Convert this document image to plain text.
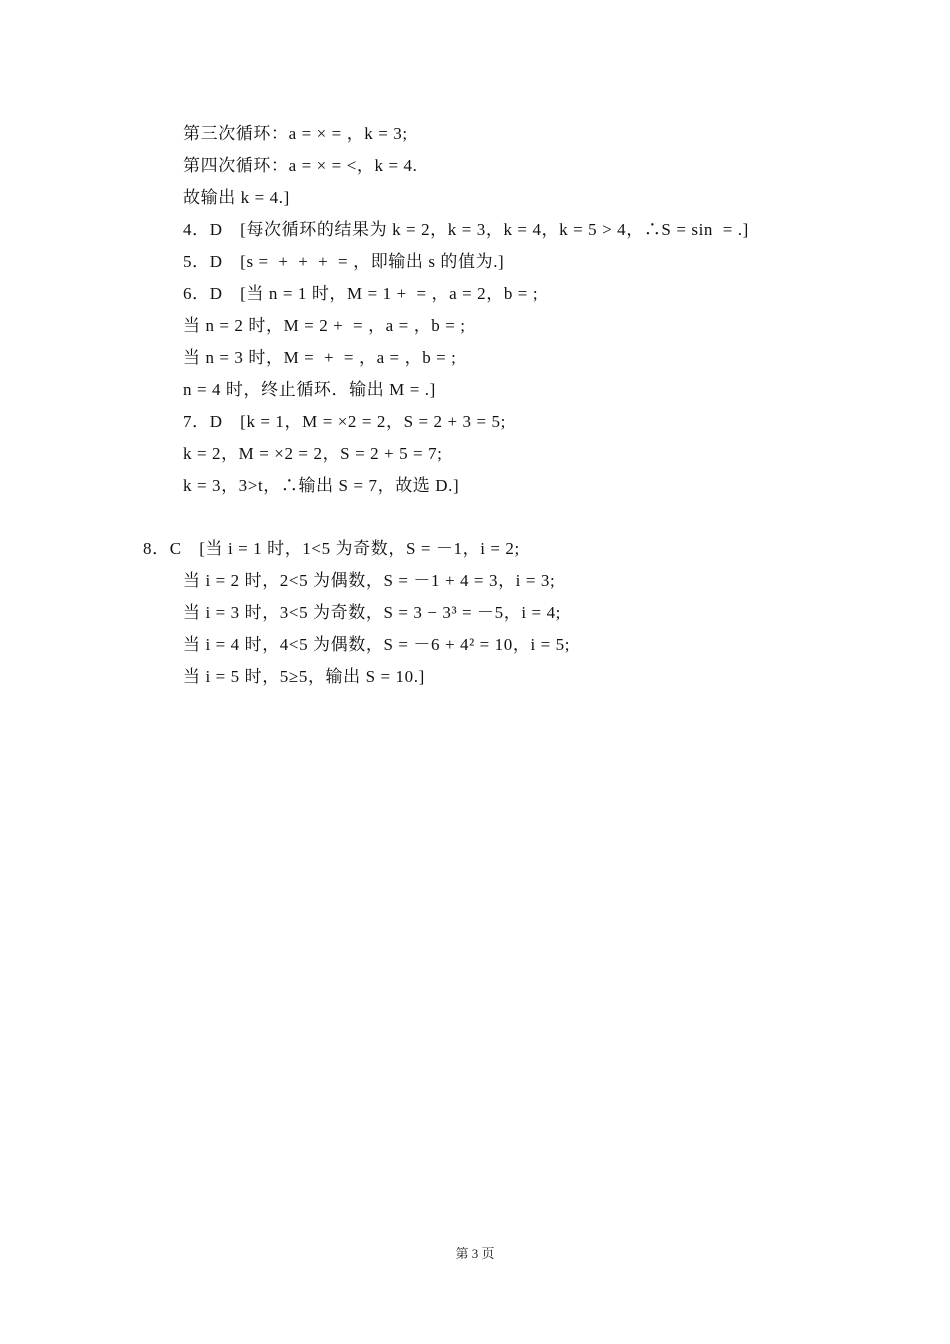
第三次循环：a = × = ，k = 3;
第四次循环：a = × = <，k = 4.
故输出 k = 4.]
4．D　[每次循环的结果为 k = 2，k = 3，k = 4，k = 5 > 4，∴S = sin  = .]
5．D　[s =  +  +  +  = ，即输出 s 的值为.]
6．D　[当 n = 1 时，M = 1 +  = ，a = 2，b = ;
当 n = 2 时，M = 2 +  = ，a = ，b = ;
当 n = 3 时，M =  +  = ，a = ，b = ;
n = 4 时，终止循环．输出 M = .]
7．D　[k = 1，M = ×2 = 2，S = 2 + 3 = 5;
k = 2，M = ×2 = 2，S = 2 + 5 = 7;
k = 3，3>t，∴输出 S = 7，故选 D.]
8．C　[当 i = 1 时，1<5 为奇数，S = －1，i = 2;
当 i = 2 时，2<5 为偶数，S = －1 + 4 = 3，i = 3;
当 i = 3 时，3<5 为奇数，S = 3 − 3³ = －5，i = 4;
当 i = 4 时，4<5 为偶数，S = －6 + 4² = 10，i = 5;
当 i = 5 时，5≥5，输出 S = 10.]
第 3 页
